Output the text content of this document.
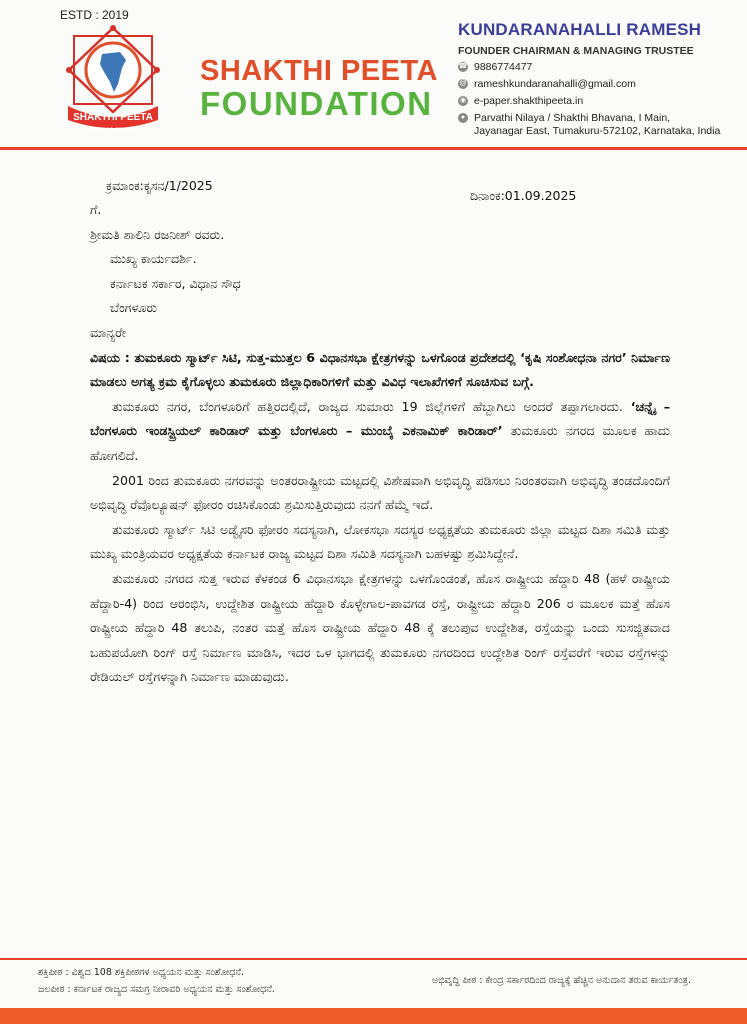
ESTD : 2019
SHAKTHI PEETA
Estd : 16.08.2019
SHAKTHI PEETA
FOUNDATION
KUNDARANAHALLI RAMESH
FOUNDER CHAIRMAN & MANAGING TRUSTEE
☎ 9886774477
@ rameshkundaranahalli@gmail.com
◉ e-paper.shakthipeeta.in
● Parvathi Nilaya / Shakthi Bhavana, I Main,
Jayanagar East, Tumakuru-572102, Karnataka, India
ಕ್ರಮಾಂಕ:ಕೃಸನ/1/2025
ದಿನಾಂಕ:01.09.2025
ಗೆ.
ಶ್ರೀಮತಿ ಶಾಲಿನಿ ರಜನೀಶ್ ರವರು.
ಮುಖ್ಯ ಕಾರ್ಯದರ್ಶಿ.
ಕರ್ನಾಟಕ ಸರ್ಕಾರ, ವಿಧಾನ ಸೌಧ
ಬೆಂಗಳೂರು
ಮಾನ್ಯರೇ
ವಿಷಯ : ತುಮಕೂರು ಸ್ಮಾರ್ಟ್ ಸಿಟಿ, ಸುತ್ತ-ಮುತ್ತಲ 6 ವಿಧಾನಸಭಾ ಕ್ಷೇತ್ರಗಳನ್ನು ಒಳಗೊಂಡ ಪ್ರದೇಶದಲ್ಲಿ ‘ಕೃಷಿ ಸಂಶೋಧನಾ ನಗರ’ ನಿರ್ಮಾಣ ಮಾಡಲು ಅಗತ್ಯ ಕ್ರಮ ಕೈಗೊಳ್ಳಲು ತುಮಕೂರು ಜಿಲ್ಲಾಧಿಕಾರಿಗಳಿಗೆ ಮತ್ತು ವಿವಿಧ ಇಲಾಖೆಗಳಿಗೆ ಸೂಚಿಸುವ ಬಗ್ಗೆ.
ತುಮಕೂರು ನಗರ, ಬೆಂಗಳೂರಿಗೆ ಹತ್ತಿರದಲ್ಲಿದೆ, ರಾಜ್ಯದ ಸುಮಾರು 19 ಜಿಲ್ಲೆಗಳಿಗೆ ಹೆಬ್ಬಾಗಿಲು ಅಂದರೆ ತಪ್ಪಾಗಲಾರದು. ‘ಚನ್ನೈ – ಬೆಂಗಳೂರು ಇಂಡಸ್ಟ್ರಿಯಲ್ ಕಾರಿಡಾರ್ ಮತ್ತು ಬೆಂಗಳೂರು – ಮುಂಬೈ ಎಕನಾಮಿಕ್ ಕಾರಿಡಾರ್’ ತುಮಕೂರು ನಗರದ ಮೂಲಕ ಹಾದು ಹೋಗಲಿದೆ.
2001 ರಿಂದ ತುಮಕೂರು ನಗರವನ್ನು ಅಂತರರಾಷ್ಟ್ರೀಯ ಮಟ್ಟದಲ್ಲಿ ವಿಶೇಷವಾಗಿ ಅಭಿವೃದ್ಧಿ ಪಡಿಸಲು ನಿರಂತರವಾಗಿ ಅಭಿವೃದ್ಧಿ ತಂಡದೊಂದಿಗೆ ಅಭಿವೃದ್ಧಿ ರೆವೊಲ್ಯೂಷನ್ ಫೋರಂ ರಚಿಸಿಕೊಂಡು ಶ್ರಮಿಸುತ್ತಿರುವುದು ನನಗೆ ಹೆಮ್ಮೆ ಇದೆ.
ತುಮಕೂರು ಸ್ಮಾರ್ಟ್ ಸಿಟಿ ಅಡ್ವೈಸರಿ ಫೋರಂ ಸದಸ್ಯನಾಗಿ, ಲೋಕಸಭಾ ಸದಸ್ಯರ ಅಧ್ಯಕ್ಷತೆಯ ತುಮಕೂರು ಜಿಲ್ಲಾ ಮಟ್ಟದ ದಿಶಾ ಸಮಿತಿ ಮತ್ತು ಮುಖ್ಯ ಮಂತ್ರಿಯವರ ಅಧ್ಯಕ್ಷತೆಯ ಕರ್ನಾಟಕ ರಾಜ್ಯ ಮಟ್ಟದ ದಿಶಾ ಸಮಿತಿ ಸದಸ್ಯನಾಗಿ ಬಹಳಷ್ಟು ಶ್ರಮಿಸಿದ್ದೇನೆ.
ತುಮಕೂರು ನಗರದ ಸುತ್ತ ಇರುವ ಕೆಳಕಂಡ 6 ವಿಧಾನಸಭಾ ಕ್ಷೇತ್ರಗಳನ್ನು ಒಳಗೊಂಡಂತೆ, ಹೊಸ ರಾಷ್ಟ್ರೀಯ ಹೆದ್ದಾರಿ 48 (ಹಳೆ ರಾಷ್ಟ್ರೀಯ ಹೆದ್ದಾರಿ-4) ರಿಂದ ಆರಂಭಿಸಿ, ಉದ್ದೇಶಿತ ರಾಷ್ಟ್ರೀಯ ಹೆದ್ದಾರಿ ಕೊಳ್ಳೇಗಾಲ-ಪಾವಗಡ ರಸ್ತೆ, ರಾಷ್ಟ್ರೀಯ ಹೆದ್ದಾರಿ 206 ರ ಮೂಲಕ ಮತ್ತೆ ಹೊಸ ರಾಷ್ಟ್ರೀಯ ಹೆದ್ದಾರಿ 48 ತಲುಪಿ, ನಂತರ ಮತ್ತೆ ಹೊಸ ರಾಷ್ಟ್ರೀಯ ಹೆದ್ದಾರಿ 48 ಕ್ಕೆ ತಲುಪುವ ಉದ್ದೇಶಿತ, ರಸ್ತೆಯನ್ನು ಒಂದು ಸುಸಜ್ಜಿತವಾದ ಬಹುಪಯೋಗಿ ರಿಂಗ್ ರಸ್ತೆ ನಿರ್ಮಾಣ ಮಾಡಿಸಿ, ಇದರ ಒಳ ಭಾಗದಲ್ಲಿ ತುಮಕೂರು ನಗರದಿಂದ ಉದ್ದೇಶಿತ ರಿಂಗ್ ರಸ್ತೆವರೆಗೆ ಇರುವ ರಸ್ತೆಗಳನ್ನು ರೇಡಿಯಲ್ ರಸ್ತೆಗಳನ್ನಾಗಿ ನಿರ್ಮಾಣ ಮಾಡುವುದು.
ಶಕ್ತಿಪೀಠ : ವಿಶ್ವದ 108 ಶಕ್ತಿಪೀಠಗಳ ಅಧ್ಯಯನ ಮತ್ತು ಸಂಶೋಧನೆ.
ಜಲಪೀಠ : ಕರ್ನಾಟಕ ರಾಜ್ಯದ ಸಮಗ್ರ ನೀರಾವರಿ ಅಧ್ಯಯನ ಮತ್ತು ಸಂಶೋಧನೆ.
ಅಭಿವೃದ್ಧಿ ಪೀಠ : ಕೇಂದ್ರ ಸರ್ಕಾರದಿಂದ ರಾಜ್ಯಕ್ಕೆ ಹೆಚ್ಚಿನ ಅನುದಾನ ತರುವ ಕಾರ್ಯತಂತ್ರ.
